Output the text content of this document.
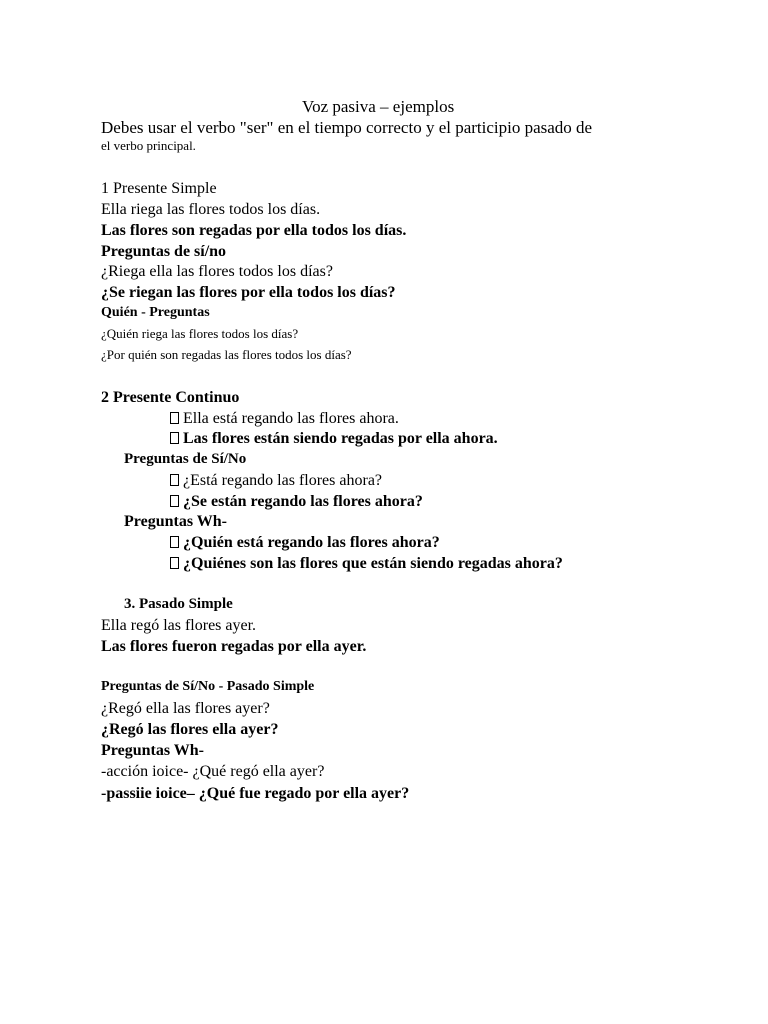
Voz pasiva – ejemplos
Debes usar el verbo "ser" en el tiempo correcto y el participio pasado de
el verbo principal.
1 Presente Simple
Ella riega las flores todos los días.
Las flores son regadas por ella todos los días.
Preguntas de sí/no
¿Riega ella las flores todos los días?
¿Se riegan las flores por ella todos los días?
Quién - Preguntas
¿Quién riega las flores todos los días?
¿Por quién son regadas las flores todos los días?
2 Presente Continuo
Ella está regando las flores ahora.
Las flores están siendo regadas por ella ahora.
Preguntas de Sí/No
¿Está regando las flores ahora?
¿Se están regando las flores ahora?
Preguntas Wh-
¿Quién está regando las flores ahora?
¿Quiénes son las flores que están siendo regadas ahora?
3. Pasado Simple
Ella regó las flores ayer.
Las flores fueron regadas por ella ayer.
Preguntas de Sí/No - Pasado Simple
¿Regó ella las flores ayer?
¿Regó las flores ella ayer?
Preguntas Wh-
-acción ioice- ¿Qué regó ella ayer?
-passiie ioice– ¿Qué fue regado por ella ayer?
